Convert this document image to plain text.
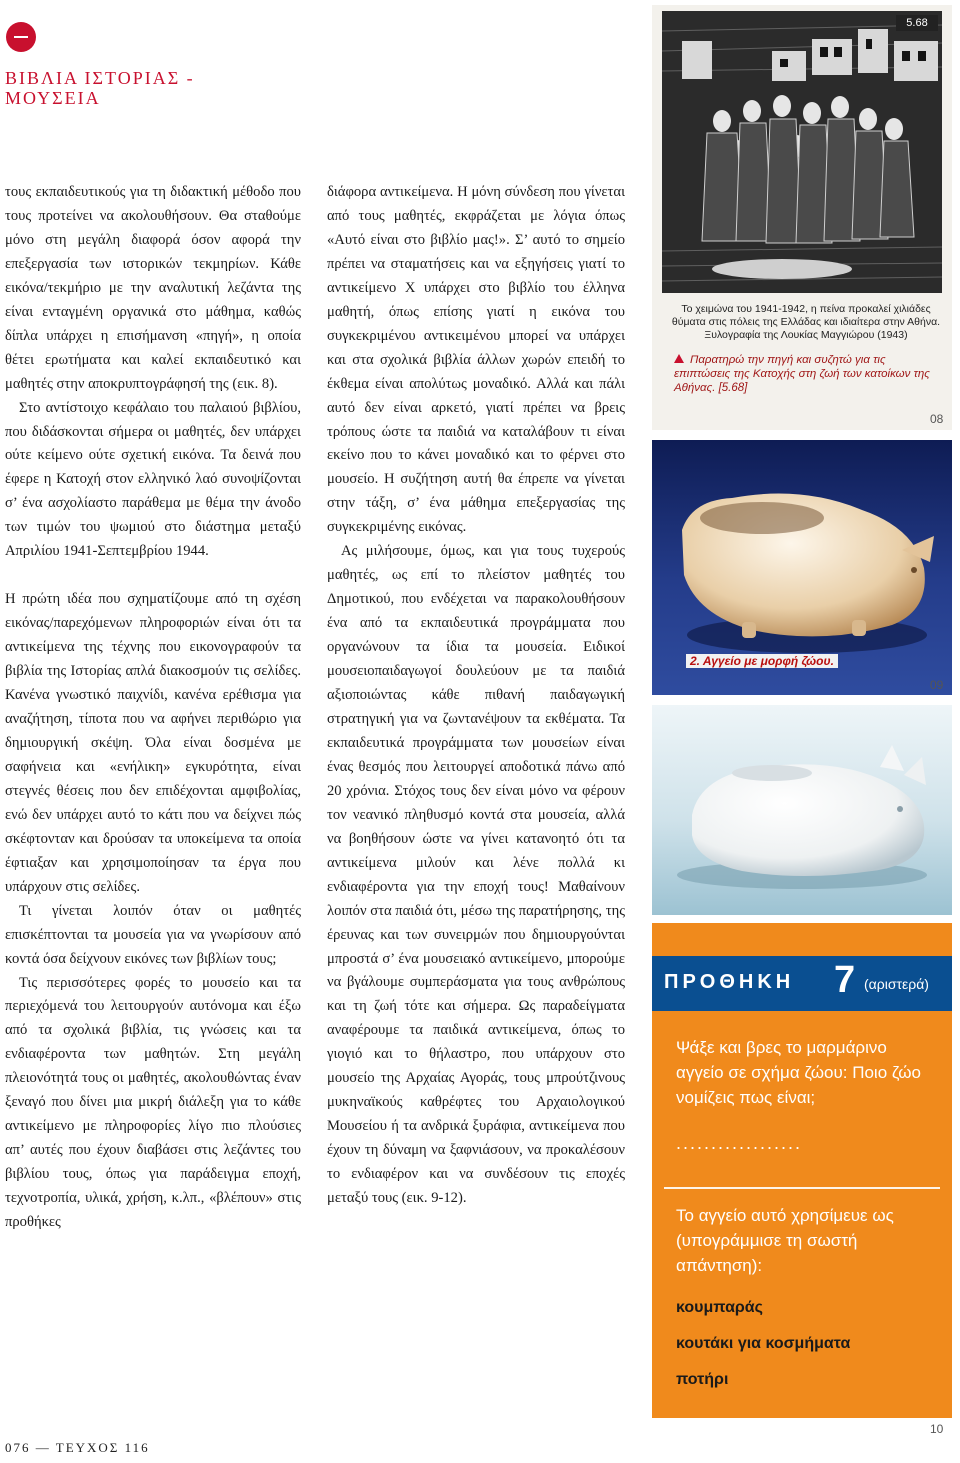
ΒΙΒΛΙΑ ΙΣΤΟΡΙΑΣ -
ΜΟΥΣΕΙΑ

τους εκπαιδευτικούς για τη διδακτική μέθοδο που τους προτείνει να ακολουθήσουν. Θα σταθούμε μόνο στη μεγάλη διαφορά όσον αφορά την επεξεργασία των ιστορικών τεκμηρίων. Κάθε εικόνα/τεκμήριο με την αναλυτική λεζάντα της είναι ενταγμένη οργανικά στο μάθημα, καθώς δίπλα υπάρχει η επισήμανση «πηγή», η οποία θέτει ερωτήματα και καλεί εκπαιδευτικό και μαθητές στην αποκρυπτογράφησή της (εικ. 8).

Στο αντίστοιχο κεφάλαιο του παλαιού βιβλίου, που διδάσκονται σήμερα οι μαθητές, δεν υπάρχει ούτε κείμενο ούτε σχετική εικόνα. Τα δεινά που έφερε η Κατοχή στον ελληνικό λαό συνοψίζονται σ’ ένα ασχολίαστο παράθεμα με θέμα την άνοδο των τιμών του ψωμιού στο διάστημα μεταξύ Απριλίου 1941-Σεπτεμβρίου 1944.

Η πρώτη ιδέα που σχηματίζουμε από τη σχέση εικόνας/παρεχόμενων πληροφοριών είναι ότι τα αντικείμενα της τέχνης που εικονογραφούν τα βιβλία της Ιστορίας απλά διακοσμούν τις σελίδες. Κανένα γνωστικό παιχνίδι, κανένα ερέθισμα για αναζήτηση, τίποτα που να αφήνει περιθώριο για δημιουργική σκέψη. Όλα είναι δοσμένα με σαφήνεια και «ενήλικη» εγκυρότητα, είναι στεγνές θέσεις που δεν επιδέχονται αμφιβολίας, ενώ δεν υπάρχει αυτό το κάτι που να δείχνει πώς σκέφτονταν και δρούσαν τα υποκείμενα τα οποία έφτιαξαν και χρησιμοποίησαν τα έργα που υπάρχουν στις σελίδες.

Τι γίνεται λοιπόν όταν οι μαθητές επισκέπτονται τα μουσεία για να γνωρίσουν από κοντά όσα δείχνουν εικόνες των βιβλίων τους;

Τις περισσότερες φορές το μουσείο και τα περιεχόμενά του λειτουργούν αυτόνομα και έξω από τα σχολικά βιβλία, τις γνώσεις και τα ενδιαφέροντα των μαθητών. Στη μεγάλη πλειονότητά τους οι μαθητές, ακολουθώντας έναν ξεναγό που δίνει μια μικρή διάλεξη για το κάθε αντικείμενο με πληροφορίες λίγο πιο πλούσιες απ’ αυτές που έχουν διαβάσει στις λεζάντες του βιβλίου τους, όπως για παράδειγμα εποχή, τεχνοτροπία, υλικά, χρήση, κ.λπ., «βλέπουν» στις προθήκες

διάφορα αντικείμενα. Η μόνη σύνδεση που γίνεται από τους μαθητές, εκφράζεται με λόγια όπως «Αυτό είναι στο βιβλίο μας!». Σ’ αυτό το σημείο πρέπει να σταματήσεις και να εξηγήσεις γιατί το αντικείμενο Χ υπάρχει στο βιβλίο του έλληνα μαθητή, όπως επίσης γιατί η εικόνα του συγκεκριμένου αντικειμένου μπορεί να υπάρχει και στα σχολικά βιβλία άλλων χωρών επειδή το έκθεμα είναι απολύτως μοναδικό. Αλλά και πάλι αυτό δεν είναι αρκετό, γιατί πρέπει να βρεις τρόπους ώστε τα παιδιά να καταλάβουν τι είναι εκείνο που το κάνει μοναδικό και το φέρνει στο μουσείο. Η συζήτηση αυτή θα έπρεπε να γίνεται στην τάξη, σ’ ένα μάθημα επεξεργασίας της συγκεκριμένης εικόνας.

Ας μιλήσουμε, όμως, και για τους τυχερούς μαθητές, ως επί το πλείστον μαθητές του Δημοτικού, που ενδέχεται να παρακολουθήσουν ένα από τα εκπαιδευτικά προγράμματα που οργανώνουν τα ίδια τα μουσεία. Ειδικοί μουσειοπαιδαγωγοί δουλεύουν με τα παιδιά αξιοποιώντας κάθε πιθανή παιδαγωγική στρατηγική για να ζωντανέψουν τα εκθέματα. Τα εκπαιδευτικά προγράμματα των μουσείων είναι ένας θεσμός που λειτουργεί αποδοτικά πάνω από 20 χρόνια. Στόχος τους δεν είναι μόνο να φέρουν τον νεανικό πληθυσμό κοντά στα μουσεία, αλλά να βοηθήσουν ώστε να γίνει κατανοητό ότι τα αντικείμενα μιλούν και λένε πολλά κι ενδιαφέροντα για την εποχή τους! Μαθαίνουν λοιπόν στα παιδιά ότι, μέσω της παρατήρησης, της έρευνας και των συνειρμών που δημιουργούνται μπροστά σ’ ένα μουσειακό αντικείμενο, μπορούμε να βγάλουμε συμπεράσματα για τους ανθρώπους και τη ζωή τότε και σήμερα. Ως παραδείγματα αναφέρουμε τα παιδικά αντικείμενα, όπως το γιογιό και το θήλαστρο, που υπάρχουν στο μουσείο της Αρχαίας Αγοράς, τους μπρούτζινους μυκηναϊκούς καθρέφτες του Αρχαιολογικού Μουσείου ή τα ανδρικά ξυράφια, αντικείμενα που έχουν τη δύναμη να ξαφνιάσουν, να προκαλέσουν το ενδιαφέρον και να συνδέσουν τις εποχές μεταξύ τους (εικ. 9-12).

076 — ΤΕΥΧΟΣ 116
5.68
Το χειμώνα του 1941-1942, η πείνα προκαλεί χιλιάδες θύματα στις πόλεις της Ελλάδας και ιδιαίτερα στην Αθήνα. Ξυλογραφία της Λουκίας Μαγγιώρου (1943)
Παρατηρώ την πηγή και συζητώ για τις επιπτώσεις της Κατοχής στη ζωή των κατοίκων της Αθήνας. [5.68]
08
2. Αγγείο με μορφή ζώου.
09
10
ΠΡΟΘΗΚΗ 7 (αριστερά)
Ψάξε και βρες το μαρμάρινο αγγείο σε σχήμα ζώου: Ποιο ζώο νομίζεις πως είναι;
..................
Το αγγείο αυτό χρησίμευε ως (υπογράμμισε τη σωστή απάντηση):
κουμπαράς
κουτάκι για κοσμήματα
ποτήρι
